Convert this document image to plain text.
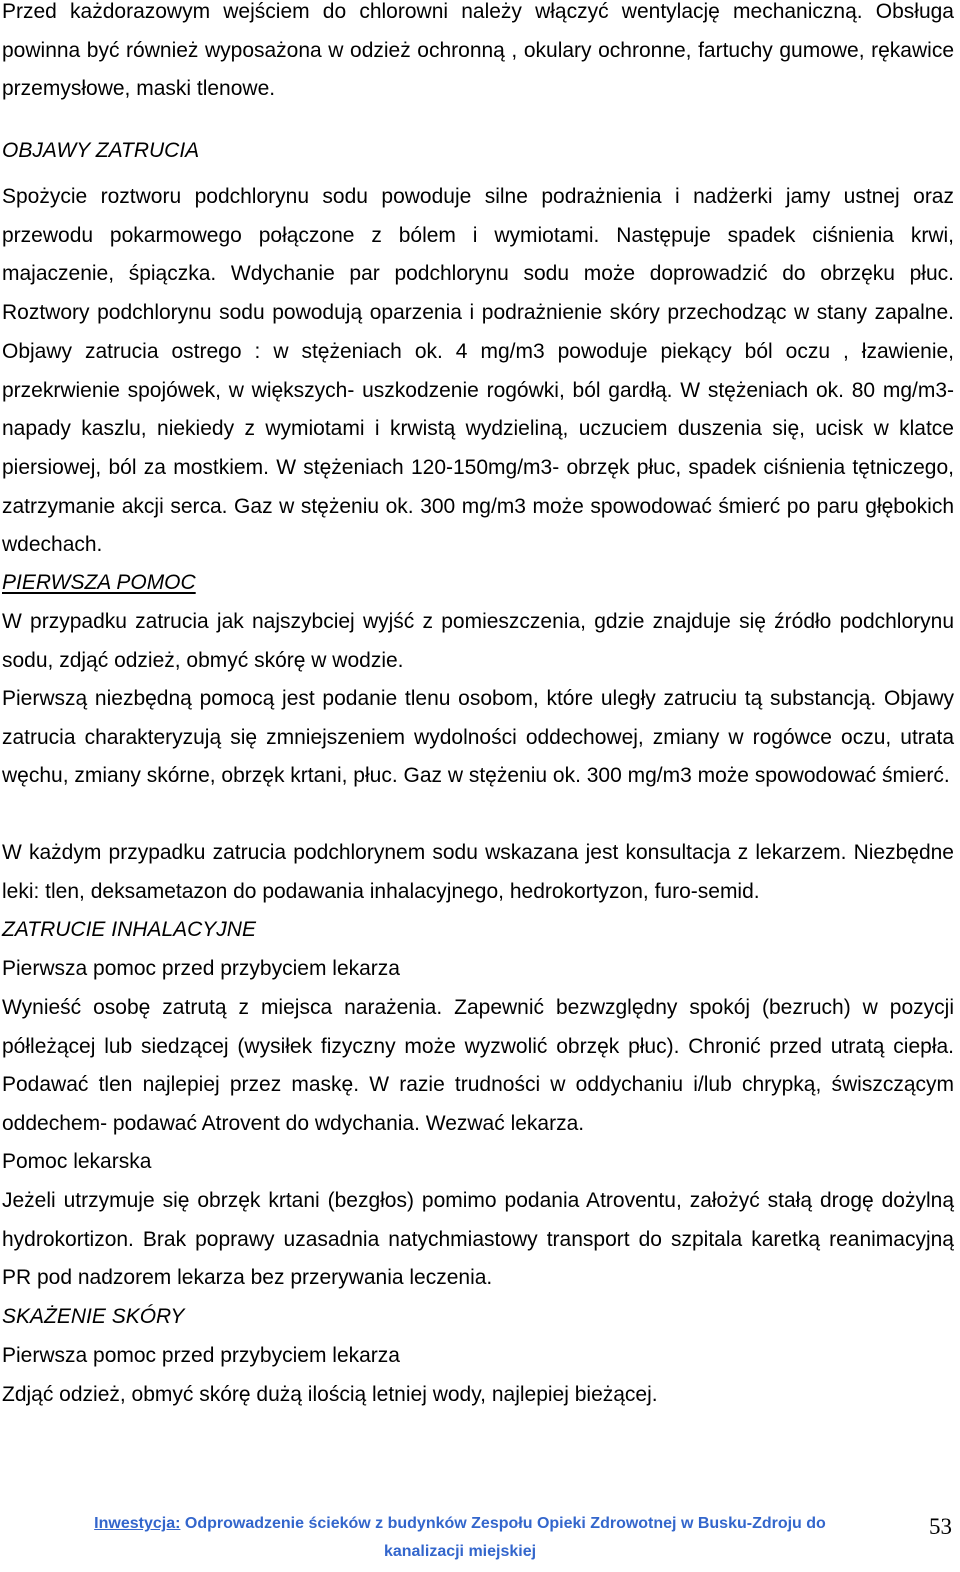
Przed każdorazowym wejściem do chlorowni należy włączyć wentylację mechaniczną. Obsługa powinna być również wyposażona w odzież ochronną , okulary ochronne, fartuchy gumowe, rękawice przemysłowe, maski tlenowe.

OBJAWY ZATRUCIA

Spożycie roztworu podchlorynu sodu powoduje silne podrażnienia i nadżerki jamy ustnej oraz przewodu pokarmowego połączone z bólem i wymiotami. Następuje spadek ciśnienia krwi, majaczenie, śpiączka. Wdychanie par podchlorynu sodu może doprowadzić do obrzęku płuc. Roztwory podchlorynu sodu powodują oparzenia i podrażnienie skóry przechodząc w stany zapalne. Objawy zatrucia ostrego : w stężeniach ok. 4 mg/m3 powoduje piekący ból oczu , łzawienie, przekrwienie spojówek, w większych- uszkodzenie rogówki, ból gardłą. W stężeniach ok. 80 mg/m3- napady kaszlu, niekiedy z wymiotami i krwistą wydzieliną, uczuciem duszenia się, ucisk w klatce piersiowej, ból za mostkiem. W stężeniach 120-150mg/m3- obrzęk płuc, spadek ciśnienia tętniczego, zatrzymanie akcji serca. Gaz w stężeniu ok. 300 mg/m3 może spowodować śmierć po paru głębokich wdechach.

PIERWSZA POMOC

W przypadku zatrucia jak najszybciej wyjść z pomieszczenia, gdzie znajduje się źródło podchlorynu sodu, zdjąć odzież, obmyć skórę w wodzie.

Pierwszą niezbędną pomocą jest podanie tlenu osobom, które uległy zatruciu tą substancją. Objawy zatrucia charakteryzują się zmniejszeniem wydolności oddechowej, zmiany w rogówce oczu, utrata węchu, zmiany skórne, obrzęk krtani, płuc. Gaz w stężeniu ok. 300 mg/m3 może spowodować śmierć.

W każdym przypadku zatrucia podchlorynem sodu wskazana jest konsultacja z lekarzem. Niezbędne leki: tlen, deksametazon do podawania inhalacyjnego, hedrokortyzon, furo-semid.

ZATRUCIE INHALACYJNE

Pierwsza pomoc przed przybyciem lekarza

Wynieść osobę zatrutą z miejsca narażenia. Zapewnić bezwzględny spokój (bezruch) w pozycji półleżącej lub siedzącej (wysiłek fizyczny może wyzwolić obrzęk płuc). Chronić przed utratą ciepła. Podawać tlen najlepiej przez maskę. W razie trudności w oddychaniu i/lub chrypką, świszczącym oddechem- podawać Atrovent do wdychania. Wezwać lekarza.

Pomoc lekarska

Jeżeli utrzymuje się obrzęk krtani (bezgłos) pomimo podania Atroventu, założyć stałą drogę dożylną hydrokortizon. Brak poprawy uzasadnia natychmiastowy transport do szpitala karetką reanimacyjną PR pod nadzorem lekarza bez przerywania leczenia.

SKAŻENIE SKÓRY

Pierwsza pomoc przed przybyciem lekarza

Zdjąć odzież, obmyć skórę dużą ilością letniej wody, najlepiej bieżącej.

Inwestycja: Odprowadzenie ścieków z budynków Zespołu Opieki Zdrowotnej w Busku-Zdroju do
kanalizacji miejskiej
53
